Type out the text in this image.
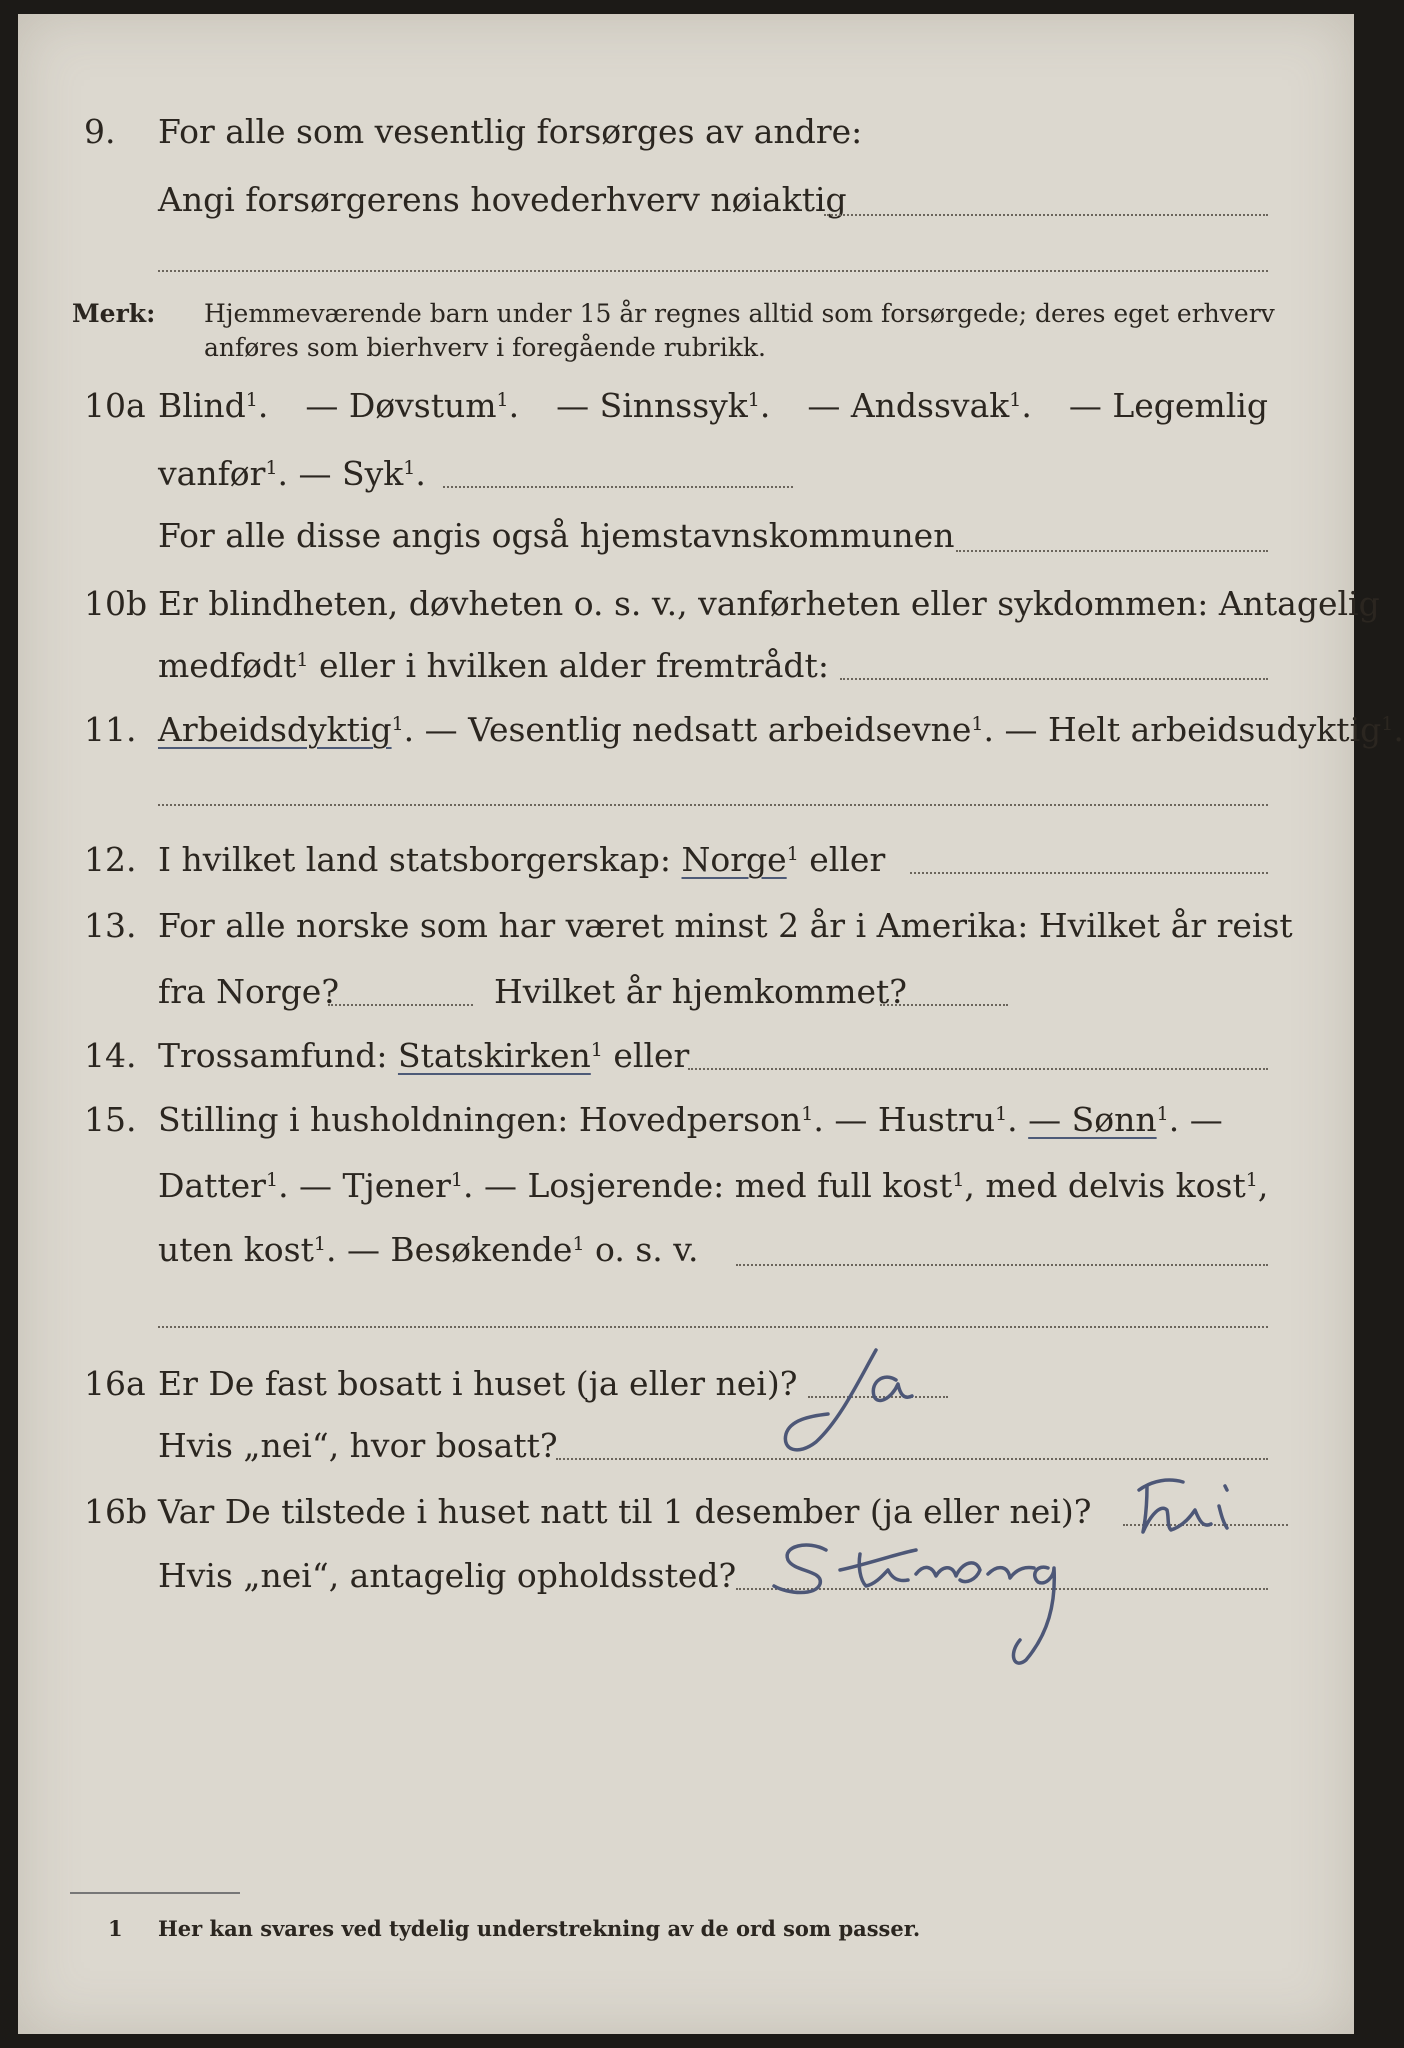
9. For alle som vesentlig forsørges av andre:
Angi forsørgerens hovederhverv nøiaktig
Merk: Hjemmeværende barn under 15 år regnes alltid som forsørgede; deres eget erhverv
anføres som bierhverv i foregående rubrikk.
10a Blind$^1$. — Døvstum$^1$. — Sinnssyk$^1$. — Andssvak$^1$. — Legemlig
vanfør$^1$. — Syk$^1$.
For alle disse angis også hjemstavnskommunen
10b Er blindheten, døvheten o. s. v., vanførheten eller sykdommen: Antagelig
medfødt$^1$ eller i hvilken alder fremtrådt:
11. Arbeidsdyktig$^1$. — Vesentlig nedsatt arbeidsevne$^1$. — Helt arbeidsudyktig$^1$.
12. I hvilket land statsborgerskap: Norge$^1$ eller
13. For alle norske som har været minst 2 år i Amerika: Hvilket år reist
fra Norge?	Hvilket år hjemkommet?
14. Trossamfund: Statskirken$^1$ eller
15. Stilling i husholdningen: Hovedperson$^1$. — Hustru$^1$. — Sønn$^1$. —
Datter$^1$. — Tjener$^1$. — Losjerende: med full kost$^1$, med delvis kost$^1$,
uten kost$^1$. — Besøkende$^1$ o. s. v.
16a Er De fast bosatt i huset (ja eller nei)?
Hvis „nei“, hvor bosatt?
16b Var De tilstede i huset natt til 1 desember (ja eller nei)?
Hvis „nei“, antagelig opholdssted?
1 Her kan svares ved tydelig understrekning av de ord som passer.
